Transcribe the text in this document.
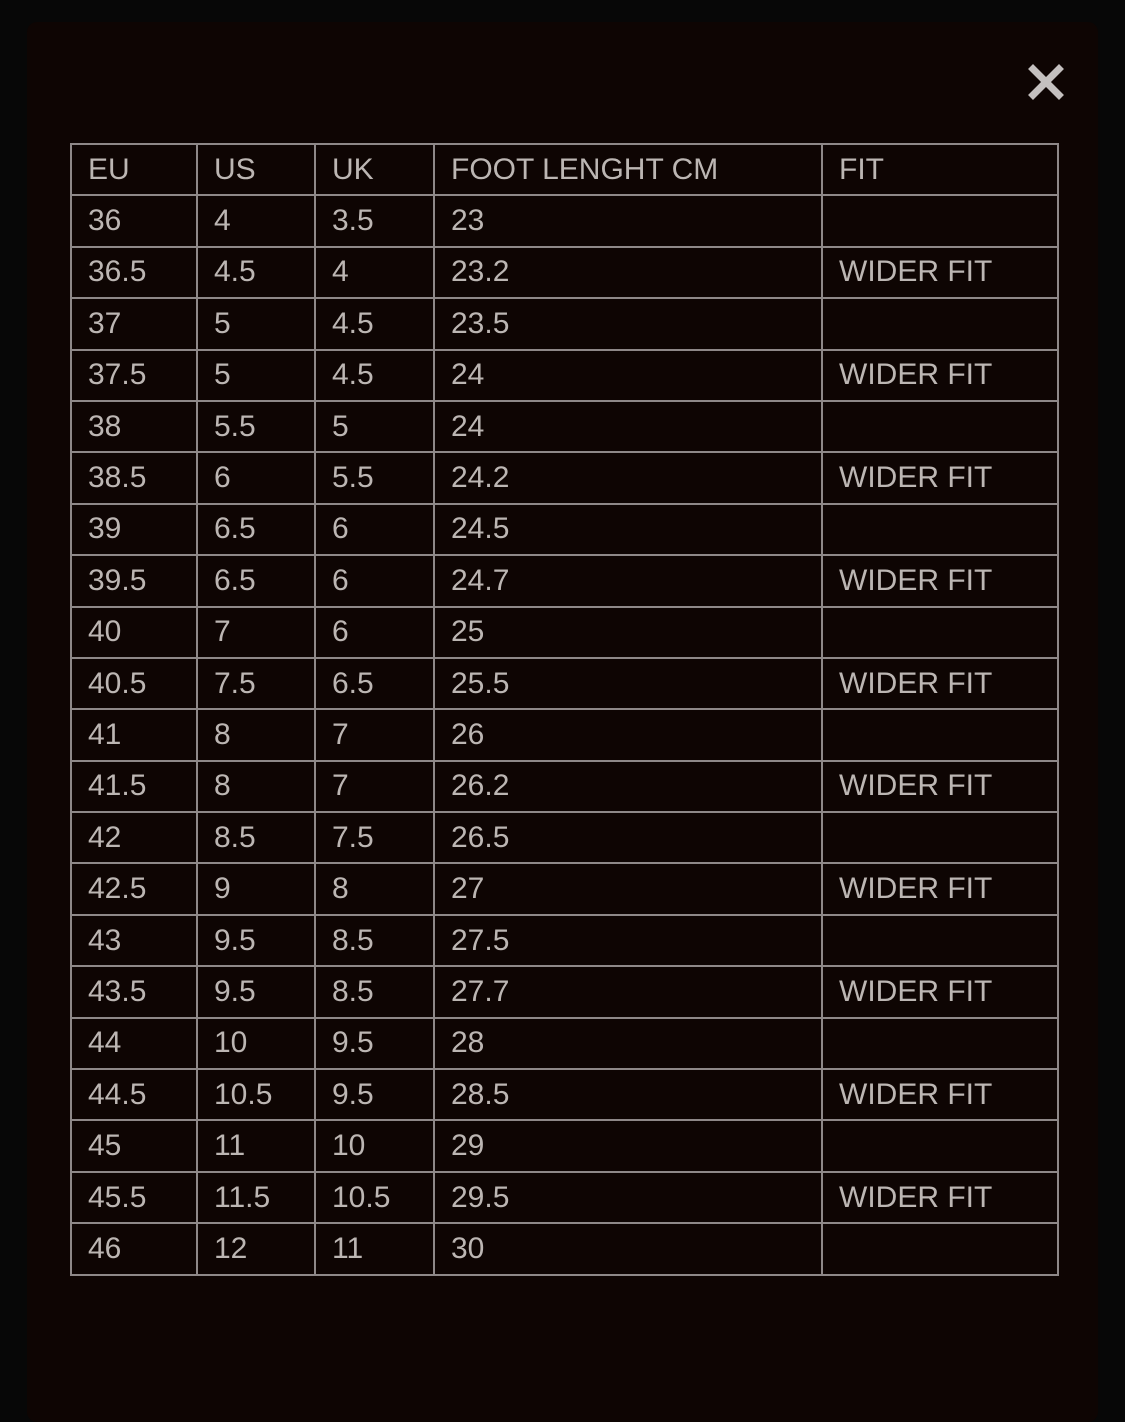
EU	US	UK	FOOT LENGHT CM	FIT
36	4	3.5	23	
36.5	4.5	4	23.2	WIDER FIT
37	5	4.5	23.5	
37.5	5	4.5	24	WIDER FIT
38	5.5	5	24	
38.5	6	5.5	24.2	WIDER FIT
39	6.5	6	24.5	
39.5	6.5	6	24.7	WIDER FIT
40	7	6	25	
40.5	7.5	6.5	25.5	WIDER FIT
41	8	7	26	
41.5	8	7	26.2	WIDER FIT
42	8.5	7.5	26.5	
42.5	9	8	27	WIDER FIT
43	9.5	8.5	27.5	
43.5	9.5	8.5	27.7	WIDER FIT
44	10	9.5	28	
44.5	10.5	9.5	28.5	WIDER FIT
45	11	10	29	
45.5	11.5	10.5	29.5	WIDER FIT
46	12	11	30	
